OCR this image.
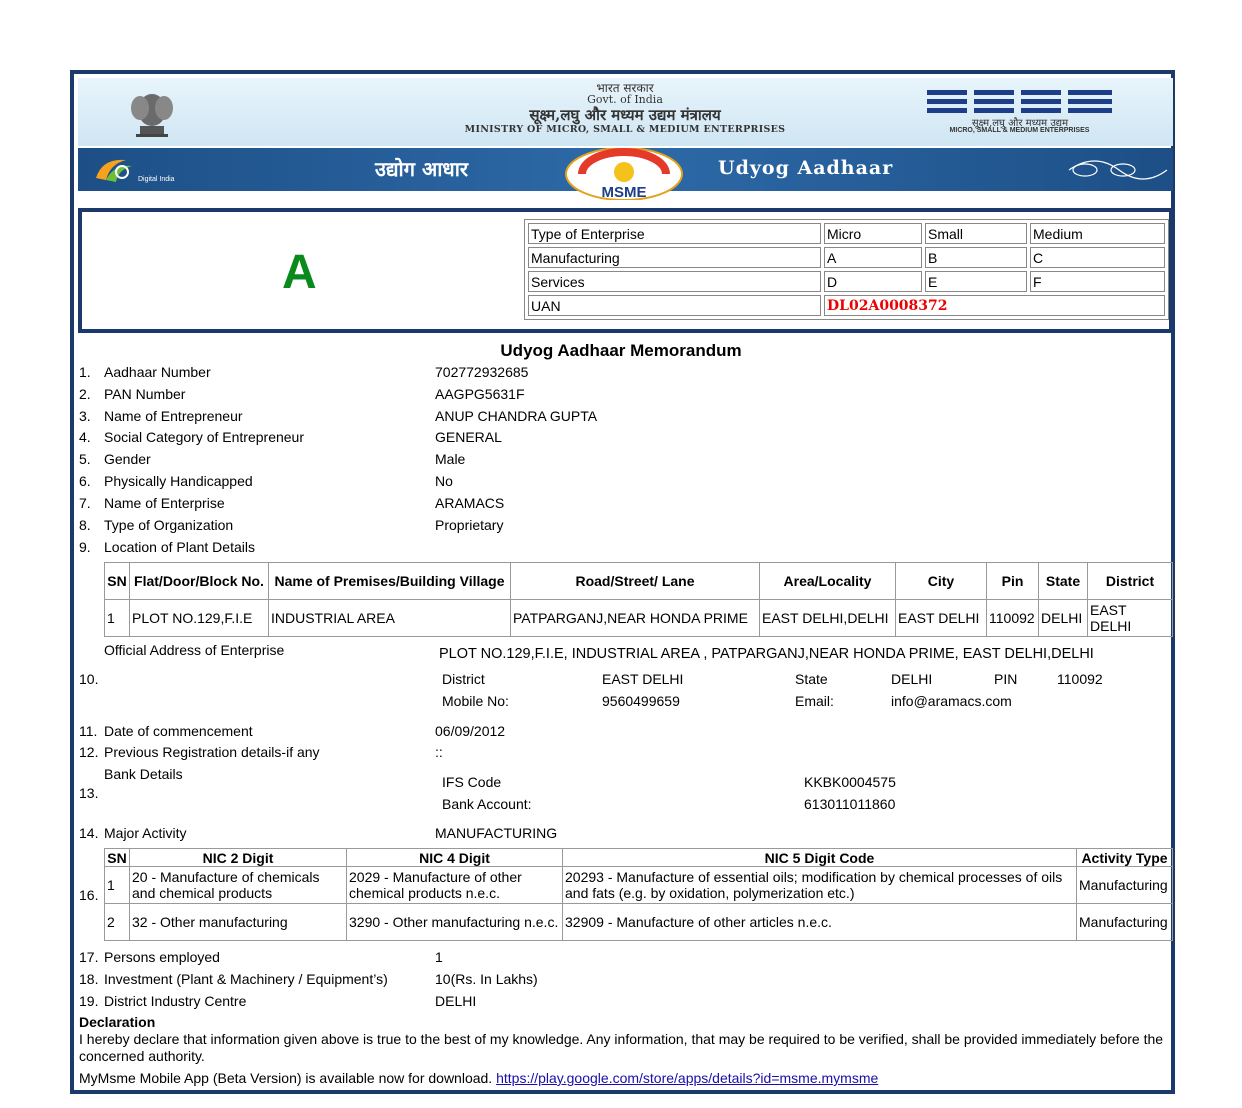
भारत सरकार
Govt. of India
सूक्ष्म,लघु और मध्यम उद्यम मंत्रालय
MINISTRY OF MICRO, SMALL & MEDIUM ENTERPRISES
सूक्ष्म,लघु और मध्यम उद्यम
MICRO, SMALL & MEDIUM ENTERPRISES
Digital India	उद्योग आधार
MSME
Udyog Aadhaar
A
Type of Enterprise	Micro	Small	Medium
Manufacturing	A	B	C
Services	D	E	F
UAN	DL02A0008372		
Udyog Aadhaar Memorandum
1. Aadhaar Number	702772932685
2. PAN Number	AAGPG5631F
3. Name of Entrepreneur	ANUP CHANDRA GUPTA
4. Social Category of Entrepreneur	GENERAL
5. Gender	Male
6. Physically Handicapped	No
7. Name of Enterprise	ARAMACS
8. Type of Organization	Proprietary
9. Location of Plant Details
SN	Flat/Door/Block No.	Name of Premises/Building Village	Road/Street/ Lane	Area/Locality	City	Pin	State	District
1	PLOT NO.129,F.I.E	INDUSTRIAL AREA	PATPARGANJ,NEAR HONDA PRIME	EAST DELHI,DELHI	EAST DELHI	110092	DELHI	EAST DELHI
Official Address of Enterprise	PLOT NO.129,F.I.E, INDUSTRIAL AREA , PATPARGANJ,NEAR HONDA PRIME, EAST DELHI,DELHI
10.	District	EAST DELHI	State	DELHI	PIN	110092
Mobile No:	9560499659	Email:	info@aramacs.com
11. Date of commencement	06/09/2012
12. Previous Registration details-if any	::
Bank Details
13.
IFS Code	KKBK0004575
Bank Account:	613011011860
14. Major Activity	MANUFACTURING
16.
SN	NIC 2 Digit	NIC 4 Digit	NIC 5 Digit Code	Activity Type
1	20 - Manufacture of chemicals and chemical products	2029 - Manufacture of other chemical products n.e.c.	20293 - Manufacture of essential oils; modification by chemical processes of oils and fats (e.g. by oxidation, polymerization etc.)	Manufacturing
2	32 - Other manufacturing	3290 - Other manufacturing n.e.c.	32909 - Manufacture of other articles n.e.c.	Manufacturing
17. Persons employed	1
18. Investment (Plant & Machinery / Equipment’s)	10(Rs. In Lakhs)
19. District Industry Centre	DELHI
Declaration
I hereby declare that information given above is true to the best of my knowledge. Any information, that may be required to be verified, shall be provided immediately before the concerned authority.
MyMsme Mobile App (Beta Version) is available now for download. https://play.google.com/store/apps/details?id=msme.mymsme
